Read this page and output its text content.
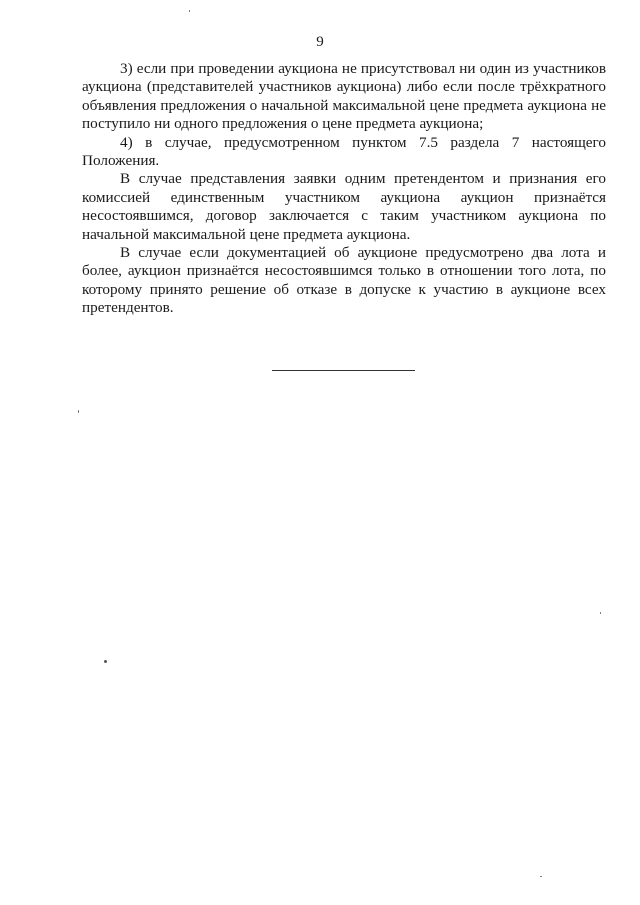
9

3) если при проведении аукциона не присутствовал ни один из участников аукциона (представителей участников аукциона) либо если после трёхкратного объявления предложения о начальной максимальной цене предмета аукциона не поступило ни одного предложения о цене предмета аукциона;

4) в случае, предусмотренном пунктом 7.5 раздела 7 настоящего Положения.

В случае представления заявки одним претендентом и признания его комиссией единственным участником аукциона аукцион признаётся несостоявшимся, договор заключается с таким участником аукциона по начальной максимальной цене предмета аукциона.

В случае если документацией об аукционе предусмотрено два лота и более, аукцион признаётся несостоявшимся только в отношении того лота, по которому принято решение об отказе в допуске к участию в аукционе всех претендентов.
